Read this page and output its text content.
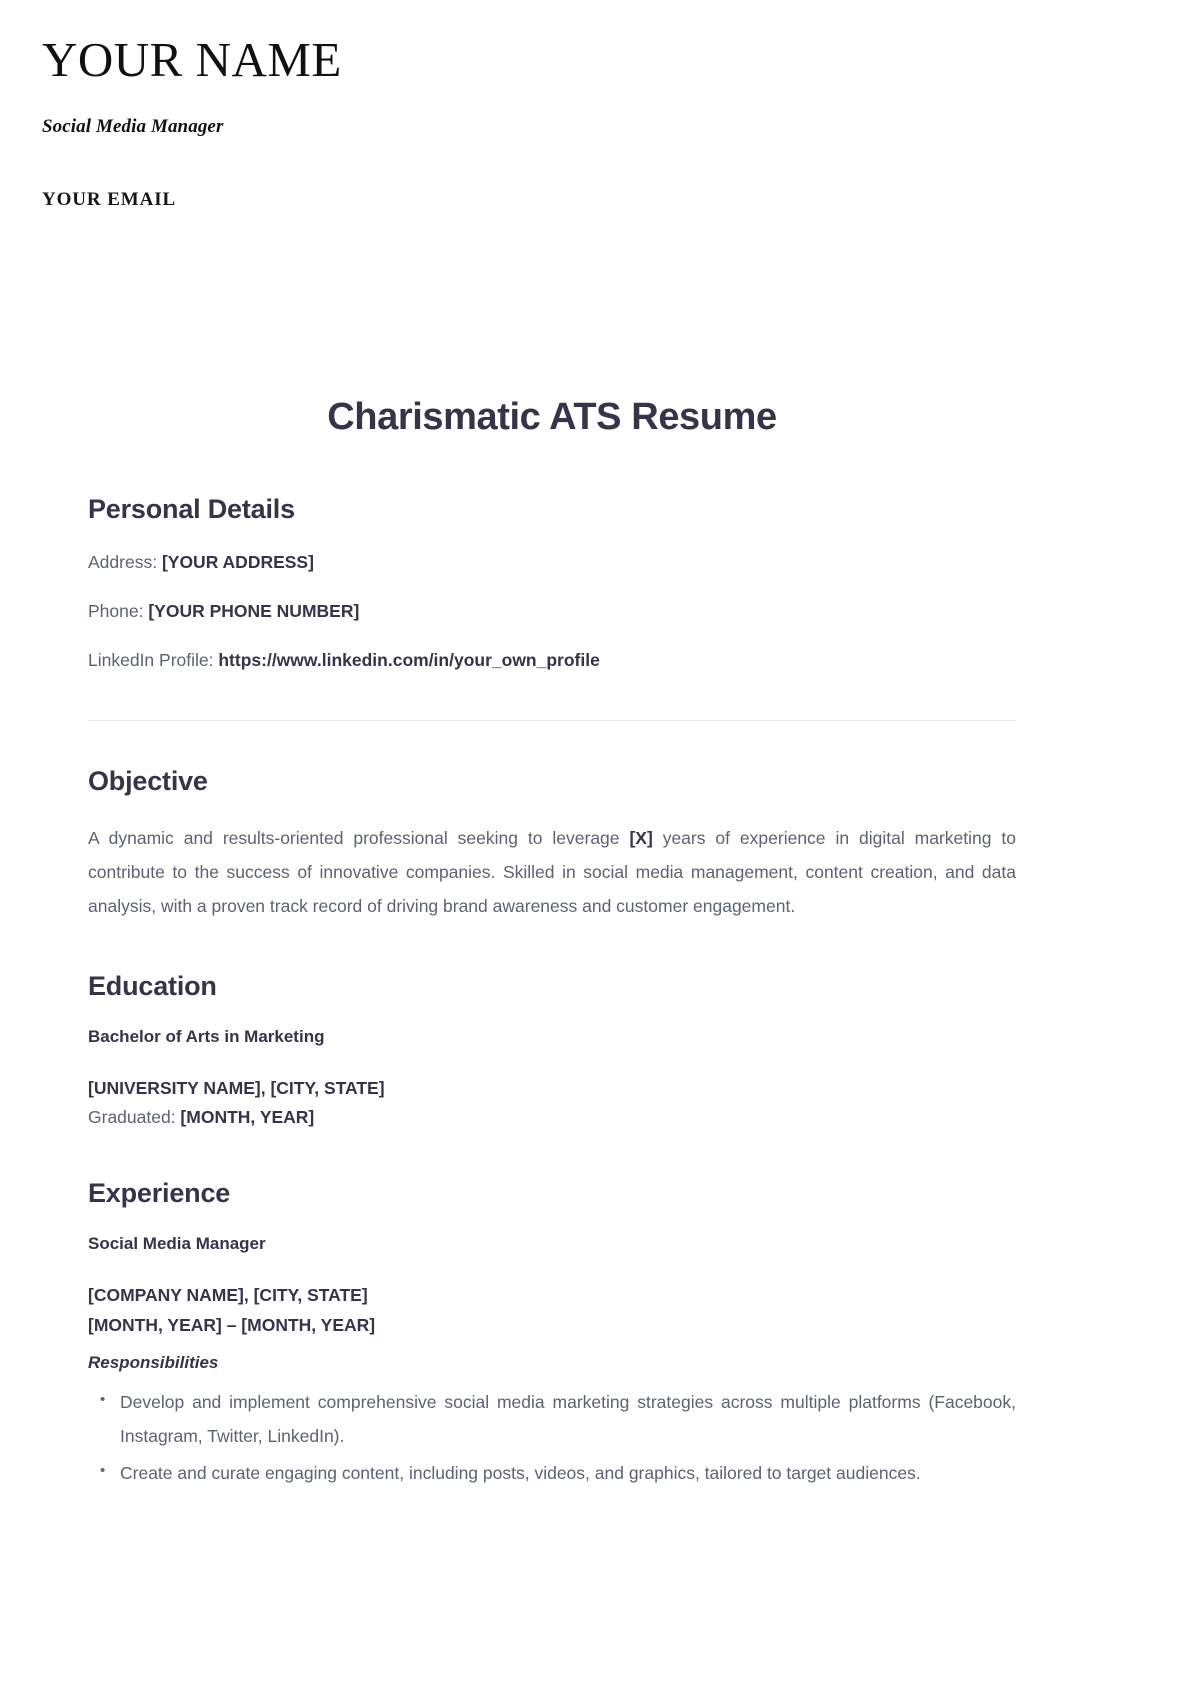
YOUR NAME
Social Media Manager
YOUR EMAIL
Charismatic ATS Resume
Personal Details

Address: [YOUR ADDRESS]

Phone: [YOUR PHONE NUMBER]

LinkedIn Profile: https://www.linkedin.com/in/your_own_profile

Objective

A dynamic and results-oriented professional seeking to leverage [X] years of experience in digital marketing to contribute to the success of innovative companies. Skilled in social media management, content creation, and data analysis, with a proven track record of driving brand awareness and customer engagement.

Education

Bachelor of Arts in Marketing

[UNIVERSITY NAME], [CITY, STATE]

Graduated: [MONTH, YEAR]

Experience

Social Media Manager

[COMPANY NAME], [CITY, STATE]

[MONTH, YEAR] – [MONTH, YEAR]

Responsibilities

• Develop and implement comprehensive social media marketing strategies across multiple platforms (Facebook, Instagram, Twitter, LinkedIn).
• Create and curate engaging content, including posts, videos, and graphics, tailored to target audiences.
